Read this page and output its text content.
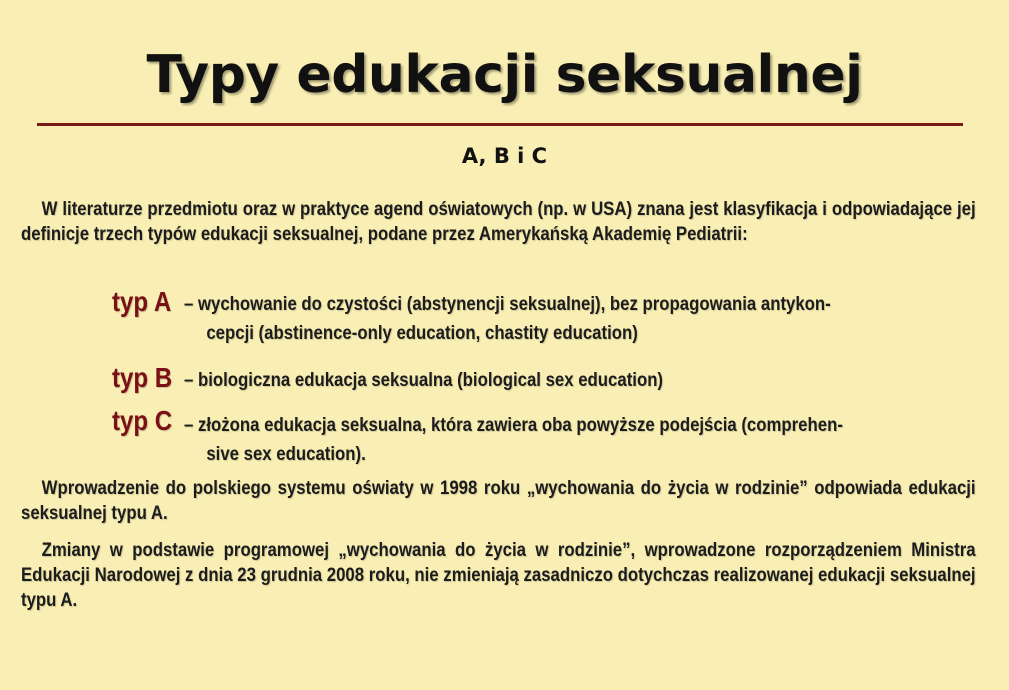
Typy edukacji seksualnej
A, B i C
W literaturze przedmiotu oraz w praktyce agend oświatowych (np. w USA) znana jest klasyfikacja i odpowiadające jej definicje trzech typów edukacji seksualnej, podane przez Amerykańską Akademię Pediatrii:
typ A – wychowanie do czystości (abstynencji seksualnej), bez propagowania antykon-
cepcji (abstinence-only education, chastity education)
typ B – biologiczna edukacja seksualna (biological sex education)
typ C – złożona edukacja seksualna, która zawiera oba powyższe podejścia (comprehen-
sive sex education).
Wprowadzenie do polskiego systemu oświaty w 1998 roku „wychowania do życia w rodzinie” odpowiada edukacji seksualnej typu A.
Zmiany w podstawie programowej „wychowania do życia w rodzinie”, wprowadzone rozporządzeniem Ministra Edukacji Narodowej z dnia 23 grudnia 2008 roku, nie zmieniają zasadniczo dotychczas realizowanej edukacji seksualnej typu A.
